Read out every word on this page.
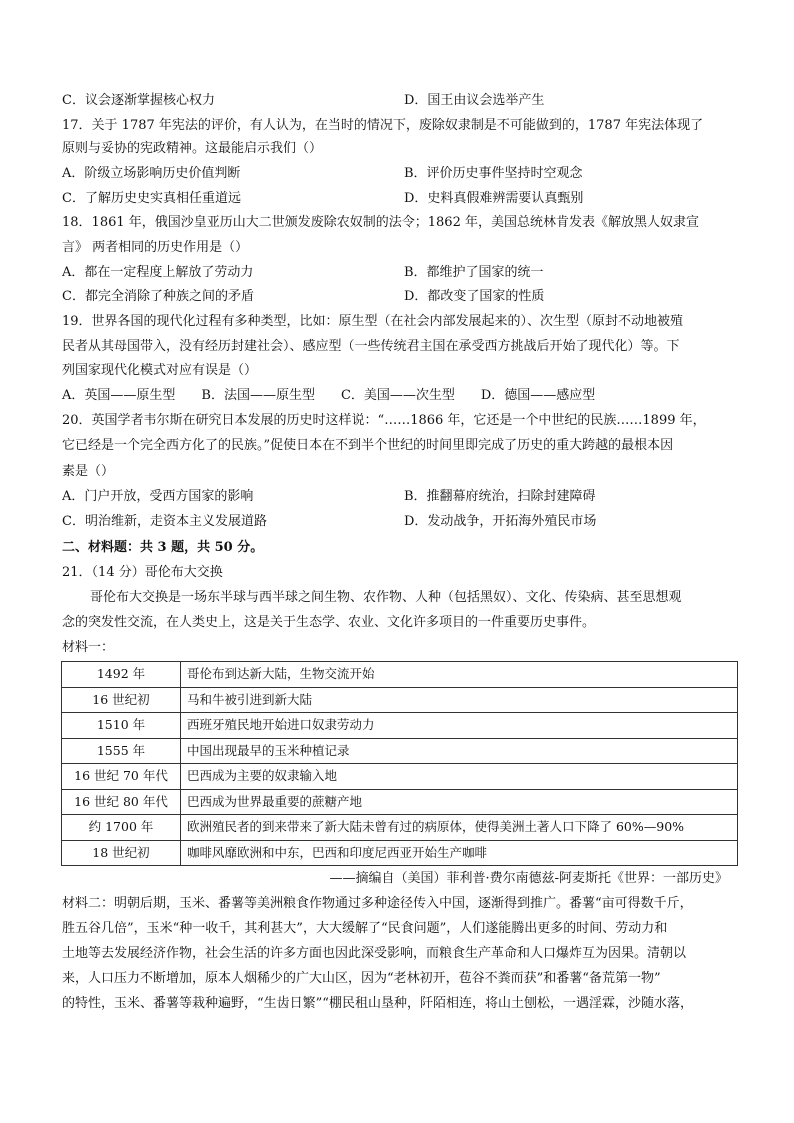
C．议会逐渐掌握核心权力	D．国王由议会选举产生
17．关于 1787 年宪法的评价，有人认为，在当时的情况下，废除奴隶制是不可能做到的，1787 年宪法体现了
原则与妥协的宪政精神。这最能启示我们（）
A．阶级立场影响历史价值判断	B．评价历史事件坚持时空观念
C．了解历史史实真相任重道远	D．史料真假难辨需要认真甄别
18．1861 年，俄国沙皇亚历山大二世颁发废除农奴制的法令；1862 年，美国总统林肯发表《解放黑人奴隶宣
言》 两者相同的历史作用是（）
A．都在一定程度上解放了劳动力	B．都维护了国家的统一
C．都完全消除了种族之间的矛盾	D．都改变了国家的性质
19．世界各国的现代化过程有多种类型，比如：原生型（在社会内部发展起来的）、次生型（原封不动地被殖
民者从其母国带入，没有经历封建社会）、感应型（一些传统君主国在承受西方挑战后开始了现代化）等。下
列国家现代化模式对应有误是（）
A．英国——原生型　　B．法国——原生型　　C．美国——次生型　　D．德国——感应型
20．英国学者韦尔斯在研究日本发展的历史时这样说：“……1866 年，它还是一个中世纪的民族……1899 年，
它已经是一个完全西方化了的民族。”促使日本在不到半个世纪的时间里即完成了历史的重大跨越的最根本因
素是（）
A．门户开放，受西方国家的影响	B．推翻幕府统治，扫除封建障碍
C．明治维新，走资本主义发展道路	D．发动战争，开拓海外殖民市场
二、材料题：共 3 题，共 50 分。
21．（14 分）哥伦布大交换
哥伦布大交换是一场东半球与西半球之间生物、农作物、人种（包括黑奴）、文化、传染病、甚至思想观
念的突发性交流，在人类史上，这是关于生态学、农业、文化许多项目的一件重要历史事件。
材料一：
1492 年	哥伦布到达新大陆，生物交流开始
16 世纪初	马和牛被引进到新大陆
1510 年	西班牙殖民地开始进口奴隶劳动力
1555 年	中国出现最早的玉米种植记录
16 世纪 70 年代	巴西成为主要的奴隶输入地
16 世纪 80 年代	巴西成为世界最重要的蔗糖产地
约 1700 年	欧洲殖民者的到来带来了新大陆未曾有过的病原体，使得美洲土著人口下降了 60%—90%
18 世纪初	咖啡风靡欧洲和中东，巴西和印度尼西亚开始生产咖啡
——摘编自（美国）菲利普·费尔南德兹-阿麦斯托《世界：一部历史》
材料二：明朝后期，玉米、番薯等美洲粮食作物通过多种途径传入中国，逐渐得到推广。番薯“亩可得数千斤，
胜五谷几倍”，玉米“种一收千，其利甚大”，大大缓解了“民食问题”，人们遂能腾出更多的时间、劳动力和
土地等去发展经济作物，社会生活的许多方面也因此深受影响，而粮食生产革命和人口爆炸互为因果。清朝以
来，人口压力不断增加，原本人烟稀少的广大山区，因为“老林初开，苞谷不粪而获”和番薯“备荒第一物”
的特性，玉米、番薯等栽种遍野，“生齿日繁”“棚民租山垦种，阡陌相连，将山土刨松，一遇淫霖，沙随水落，
